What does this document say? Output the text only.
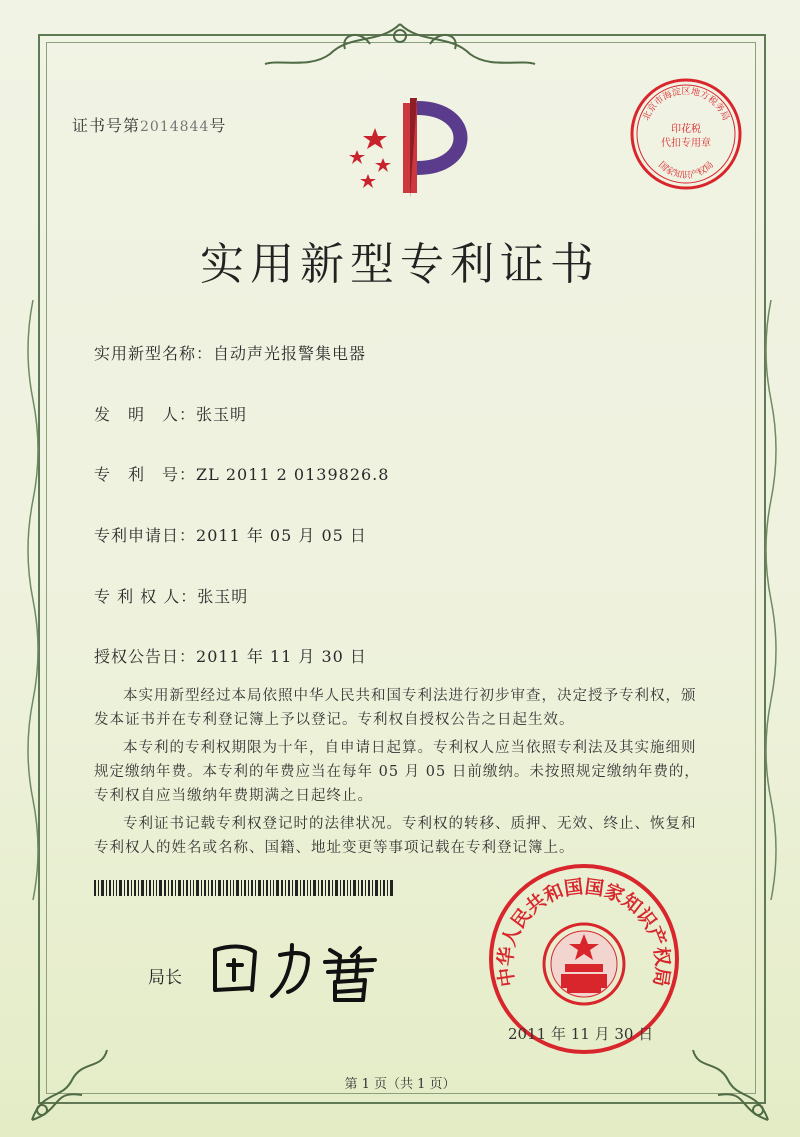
证书号第2014844号	北京市海淀区地方税务局
印花税
代扣专用章
国家知识产权局
实用新型专利证书
实用新型名称：自动声光报警集电器
发　明　人：张玉明
专　利　号：ZL 2011 2 0139826.8
专利申请日：2011 年 05 月 05 日
专 利 权 人：张玉明
授权公告日：2011 年 11 月 30 日

本实用新型经过本局依照中华人民共和国专利法进行初步审查，决定授予专利权，颁发本证书并在专利登记簿上予以登记。专利权自授权公告之日起生效。

本专利的专利权期限为十年，自申请日起算。专利权人应当依照专利法及其实施细则规定缴纳年费。本专利的年费应当在每年 05 月 05 日前缴纳。未按照规定缴纳年费的，专利权自应当缴纳年费期满之日起终止。

专利证书记载专利权登记时的法律状况。专利权的转移、质押、无效、终止、恢复和专利权人的姓名或名称、国籍、地址变更等事项记载在专利登记簿上。

局长	中华人民共和国国家知识产权局
2011 年 11 月 30 日
第 1 页（共 1 页）
